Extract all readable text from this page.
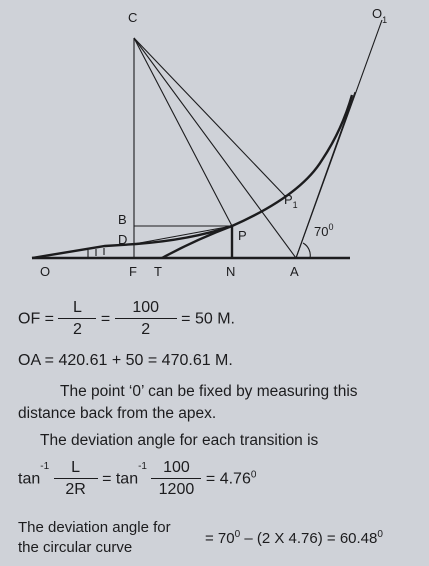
C	$O_1$
$P_1$
$70^0$
B
D	P
O	F T	N	A
OF = $\frac{L}{2} = \frac{100}{2} = 50$ M.
OA = 420.61 + 50 = 470.61 M.
The point ‘0’ can be fixed by measuring this
distance back from the apex.
The deviation angle for each transition is
$\tan^{-1} \frac{L}{2R} = \tan^{-1} \frac{100}{1200} = 4.76^0$
The deviation angle for
the circular curve
= $70^0 - (2$ X $4.76) = 60.48^0$
